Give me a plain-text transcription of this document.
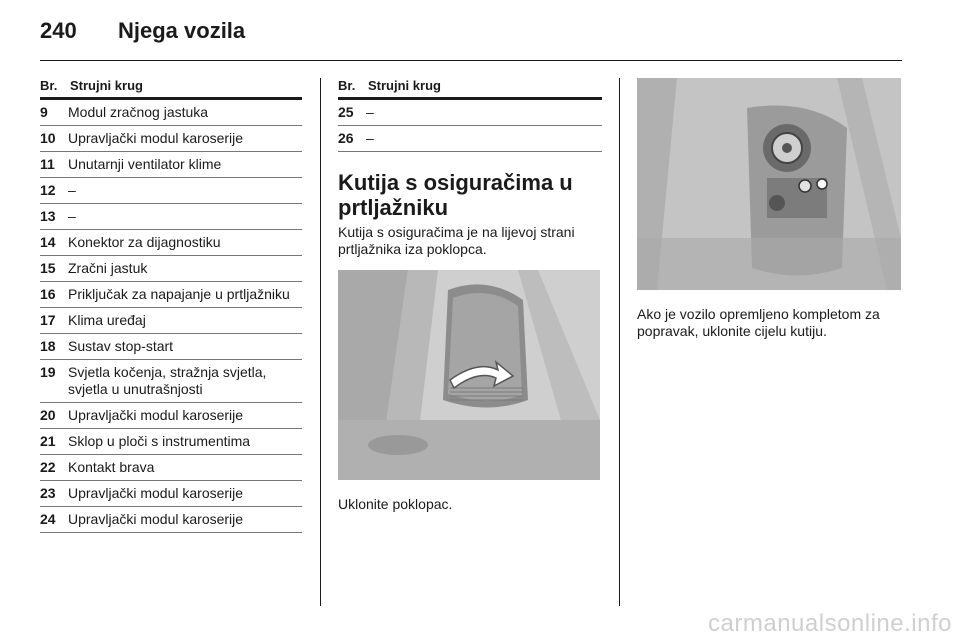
240	Njega vozila
Br. Strujni krug
9	Modul zračnog jastuka
10 Upravljački modul karoserije
11 Unutarnji ventilator klime
12 –
13 –
14 Konektor za dijagnostiku
15 Zračni jastuk
16 Priključak za napajanje u prtljažniku
17 Klima uređaj
18 Sustav stop-start
19 Svjetla kočenja, stražnja svjetla, svjetla u unutrašnjosti
20 Upravljački modul karoserije
21 Sklop u ploči s instrumentima
22 Kontakt brava
23 Upravljački modul karoserije
24 Upravljački modul karoserije
Br. Strujni krug
25 –
26 –
Kutija s osiguračima u prtljažniku
Kutija s osiguračima je na lijevoj strani prtljažnika iza poklopca.
Uklonite poklopac.
Ako je vozilo opremljeno kompletom za popravak, uklonite cijelu kutiju.
carmanualsonline.info
